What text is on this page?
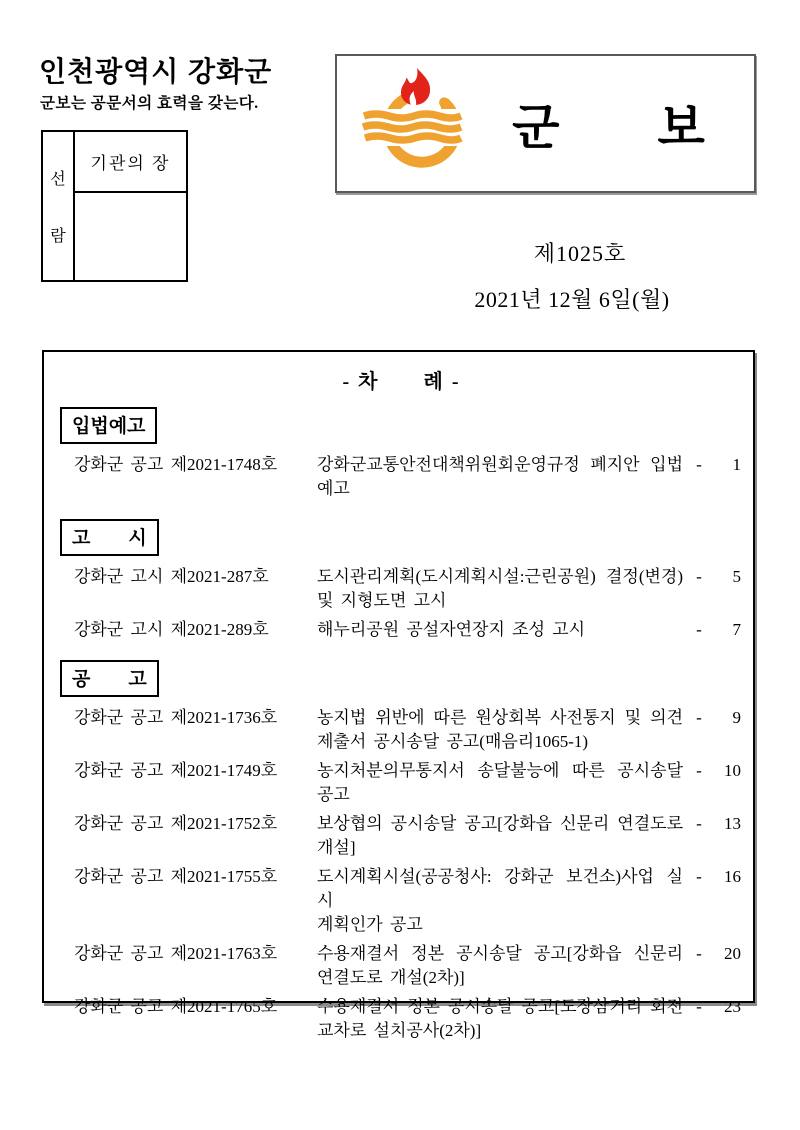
인천광역시 강화군
군보는 공문서의 효력을 갖는다.
선
람
기관의 장
군　　보
제1025호
2021년 12월 6일(월)
- 차　　례 -
입법예고
강화군 공고 제2021-1748호	강화군교통안전대책위원회운영규정 폐지안 입법
예고
-	1
고　　시
강화군 고시 제2021-287호	도시관리계획(도시계획시설:근린공원) 결정(변경)
및 지형도면 고시
-	5
강화군 고시 제2021-289호	해누리공원 공설자연장지 조성 고시	-	7
공　　고
강화군 공고 제2021-1736호	농지법 위반에 따른 원상회복 사전통지 및 의견
제출서 공시송달 공고(매음리1065-1)
-	9
강화군 공고 제2021-1749호	농지처분의무통지서 송달불능에 따른 공시송달
공고
-	10
강화군 공고 제2021-1752호	보상협의 공시송달 공고[강화읍 신문리 연결도로
개설]
-	13
강화군 공고 제2021-1755호	도시계획시설(공공청사: 강화군 보건소)사업 실시
계획인가 공고
-	16
강화군 공고 제2021-1763호	수용재결서 정본 공시송달 공고[강화읍 신문리
연결도로 개설(2차)]
-	20
강화군 공고 제2021-1765호	수용재결서 정본 공시송달 공고[도장삼거리 회전
교차로 설치공사(2차)]
-	23
